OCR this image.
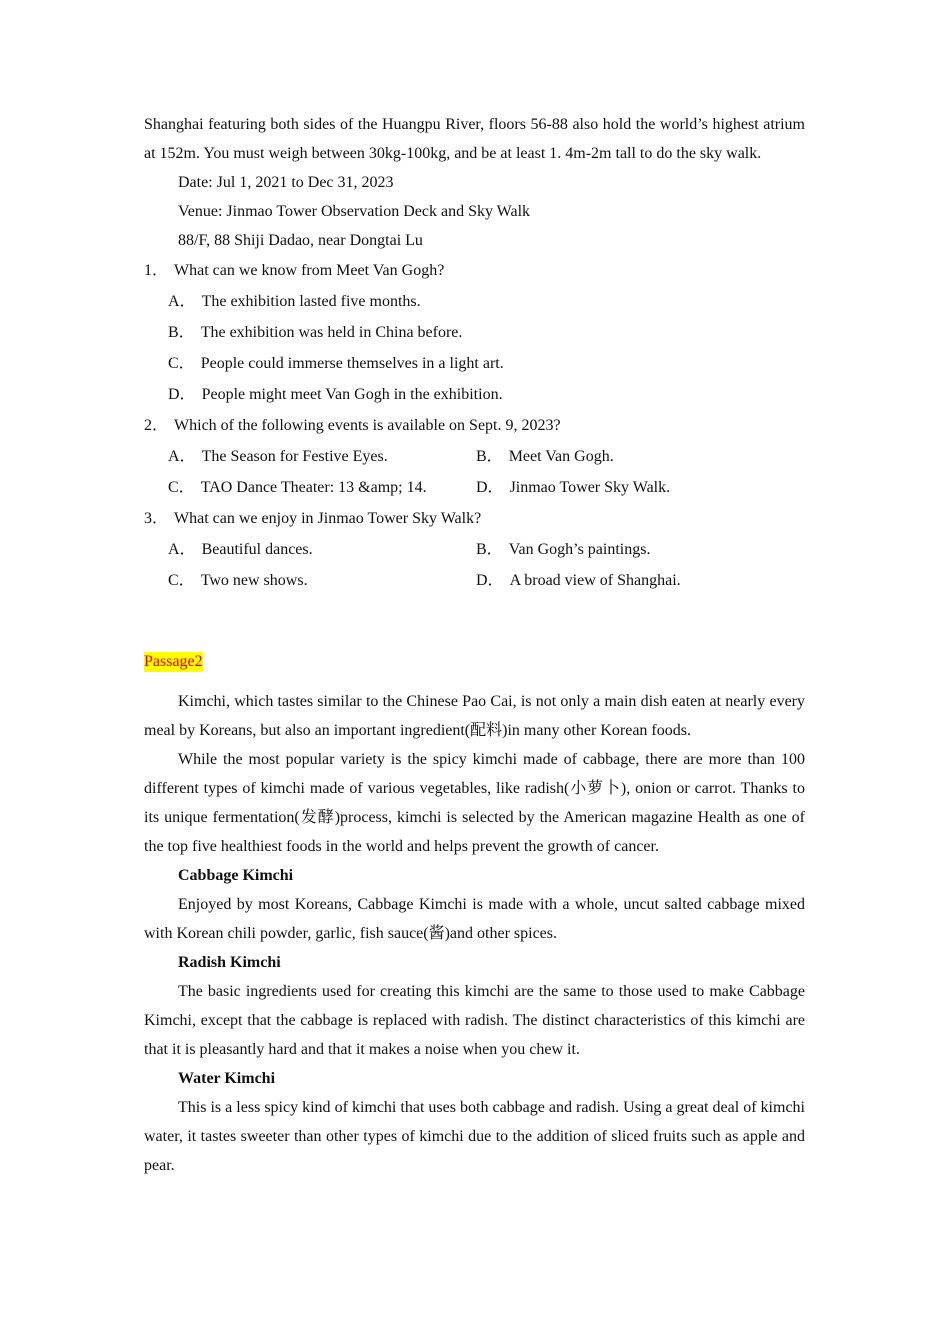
Shanghai featuring both sides of the Huangpu River, floors 56-88 also hold the world’s highest atrium at 152m. You must weigh between 30kg-100kg, and be at least 1. 4m-2m tall to do the sky walk.

Date: Jul 1, 2021 to Dec 31, 2023

Venue: Jinmao Tower Observation Deck and Sky Walk

88/F, 88 Shiji Dadao, near Dongtai Lu

1． What can we know from Meet Van Gogh?

A． The exhibition lasted five months.

B． The exhibition was held in China before.

C． People could immerse themselves in a light art.

D． People might meet Van Gogh in the exhibition.

2． Which of the following events is available on Sept. 9, 2023?

A． The Season for Festive Eyes.	B． Meet Van Gogh.
C． TAO Dance Theater: 13 &amp; 14.	D． Jinmao Tower Sky Walk.

3． What can we enjoy in Jinmao Tower Sky Walk?

A． Beautiful dances.	B． Van Gogh’s paintings.
C． Two new shows.	D． A broad view of Shanghai.
Passage2

Kimchi, which tastes similar to the Chinese Pao Cai, is not only a main dish eaten at nearly every meal by Koreans, but also an important ingredient(配料)in many other Korean foods.

While the most popular variety is the spicy kimchi made of cabbage, there are more than 100 different types of kimchi made of various vegetables, like radish(小萝卜), onion or carrot. Thanks to its unique fermentation(发酵)process, kimchi is selected by the American magazine Health as one of the top five healthiest foods in the world and helps prevent the growth of cancer.

Cabbage Kimchi

Enjoyed by most Koreans, Cabbage Kimchi is made with a whole, uncut salted cabbage mixed with Korean chili powder, garlic, fish sauce(酱)and other spices.

Radish Kimchi

The basic ingredients used for creating this kimchi are the same to those used to make Cabbage Kimchi, except that the cabbage is replaced with radish. The distinct characteristics of this kimchi are that it is pleasantly hard and that it makes a noise when you chew it.

Water Kimchi

This is a less spicy kind of kimchi that uses both cabbage and radish. Using a great deal of kimchi water, it tastes sweeter than other types of kimchi due to the addition of sliced fruits such as apple and pear.
